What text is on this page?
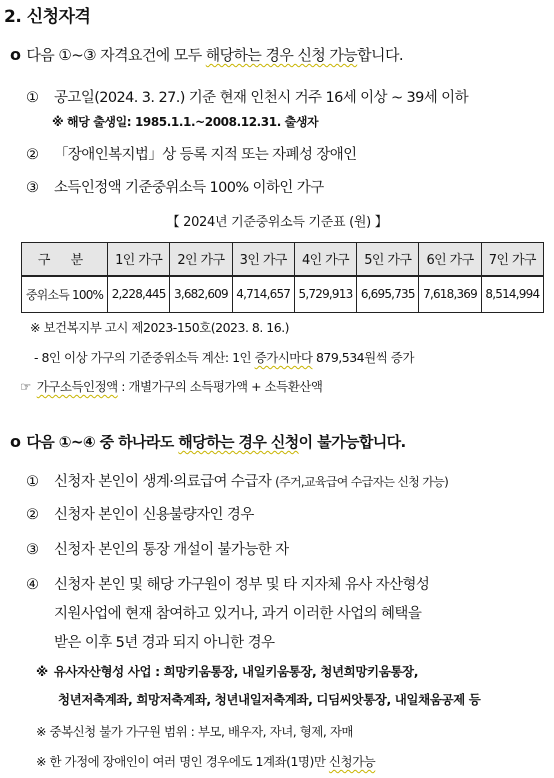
2. 신청자격
o 다음 ①~③ 자격요건에 모두 해당하는 경우 신청 가능합니다.
① 공고일(2024. 3. 27.) 기준 현재 인천시 거주 16세 이상 ~ 39세 이하
※ 해당 출생일: 1985.1.1.~2008.12.31. 출생자
② 「장애인복지법」상 등록 지적 또는 자폐성 장애인
③ 소득인정액 기준중위소득 100% 이하인 가구
【 2024년 기준중위소득 기준표 (원) 】
구 분	1인 가구	2인 가구	3인 가구	4인 가구	5인 가구	6인 가구	7인 가구
중위소득 100%	2,228,445	3,682,609	4,714,657	5,729,913	6,695,735	7,618,369	8,514,994
※ 보건복지부 고시 제2023-150호(2023. 8. 16.)
- 8인 이상 가구의 기준중위소득 계산: 1인 증가시마다 879,534원씩 증가
☞ 가구소득인정액 : 개별가구의 소득평가액 + 소득환산액
o 다음 ①~④ 중 하나라도 해당하는 경우 신청이 불가능합니다.
① 신청자 본인이 생계·의료급여 수급자 (주거,교육급여 수급자는 신청 가능)
② 신청자 본인이 신용불량자인 경우
③ 신청자 본인의 통장 개설이 불가능한 자
④ 신청자 본인 및 해당 가구원이 정부 및 타 지자체 유사 자산형성
지원사업에 현재 참여하고 있거나, 과거 이러한 사업의 혜택을
받은 이후 5년 경과 되지 아니한 경우
※ 유사자산형성 사업 : 희망키움통장, 내일키움통장, 청년희망키움통장,
청년저축계좌, 희망저축계좌, 청년내일저축계좌, 디딤씨앗통장, 내일채움공제 등
※ 중복신청 불가 가구원 범위 : 부모, 배우자, 자녀, 형제, 자매
※ 한 가정에 장애인이 여러 명인 경우에도 1계좌(1명)만 신청가능
